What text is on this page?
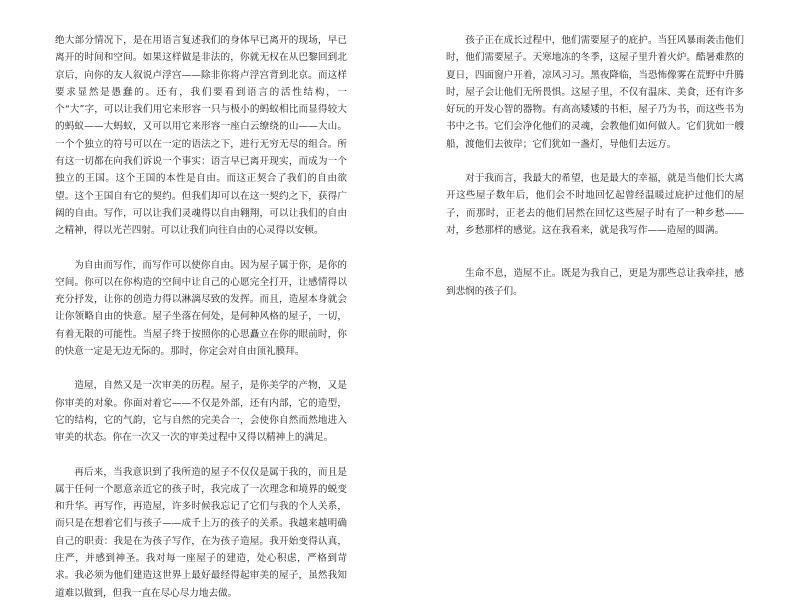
绝大部分情况下，是在用语言复述我们的身体早已离开的现场，早已离开的时间和空间。如果这样做是非法的，你就无权在从巴黎回到北京后，向你的友人叙说卢浮宫——除非你将卢浮宫背到北京。而这样要求显然是愚蠢的。还有，我们要看到语言的活性结构，一个“大”字，可以让我们用它来形容一只与极小的蚂蚁相比而显得较大的蚂蚁——大蚂蚁，又可以用它来形容一座白云缭绕的山——大山。一个个独立的符号可以在一定的语法之下，进行无穷无尽的组合。所有这一切都在向我们诉说一个事实：语言早已离开现实，而成为一个独立的王国。这个王国的本性是自由。而这正契合了我们的自由欲望。这个王国自有它的契约。但我们却可以在这一契约之下，获得广阔的自由。写作，可以让我们灵魂得以自由翱翔，可以让我们的自由之精神，得以光芒四射。可以让我们向往自由的心灵得以安顿。

为自由而写作，而写作可以使你自由。因为屋子属于你，是你的空间。你可以在你构造的空间中让自己的心愿完全打开，让感情得以充分抒发，让你的创造力得以淋漓尽致的发挥。而且，造屋本身就会让你领略自由的快意。屋子坐落在何处，是何种风格的屋子，一切，有着无限的可能性。当屋子终于按照你的心思矗立在你的眼前时，你的快意一定是无边无际的。那时，你定会对自由顶礼膜拜。

造屋，自然又是一次审美的历程。屋子，是你美学的产物，又是你审美的对象。你面对着它——不仅是外部，还有内部，它的造型，它的结构，它的气韵，它与自然的完美合一，会使你自然而然地进入审美的状态。你在一次又一次的审美过程中又得以精神上的满足。

再后来，当我意识到了我所造的屋子不仅仅是属于我的，而且是属于任何一个愿意亲近它的孩子时，我完成了一次理念和境界的蜕变和升华。再写作，再造屋，许多时候我忘记了它们与我的个人关系，而只是在想着它们与孩子——成千上万的孩子的关系。我越来越明确自己的职责：我是在为孩子写作，在为孩子造屋。我开始变得认真，庄严，并感到神圣。我对每一座屋子的建造，处心积虑，严格到苛求。我必须为他们建造这世界上最好最经得起审美的屋子，虽然我知道难以做到，但我一直在尽心尽力地去做。

孩子正在成长过程中，他们需要屋子的庇护。当狂风暴雨袭击他们时，他们需要屋子。天寒地冻的冬季，这屋子里升着火炉。酷暑难熬的夏日，四面窗户开着，凉风习习。黑夜降临，当恐怖像雾在荒野中升腾时，屋子会让他们无所畏惧。这屋子里，不仅有温床、美食，还有许多好玩的开发心智的器物。有高高矮矮的书柜，屋子乃为书，而这些书为书中之书。它们会净化他们的灵魂，会教他们如何做人。它们犹如一艘船，渡他们去彼岸；它们犹如一盏灯，导他们去远方。

对于我而言，我最大的希望，也是最大的幸福，就是当他们长大离开这些屋子数年后，他们会不时地回忆起曾经温暖过庇护过他们的屋子，而那时，正老去的他们居然在回忆这些屋子时有了一种乡愁——对，乡愁那样的感觉。这在我看来，就是我写作——造屋的圆满。

生命不息，造屋不止。既是为我自己，更是为那些总让我牵挂，感到悲悯的孩子们。
